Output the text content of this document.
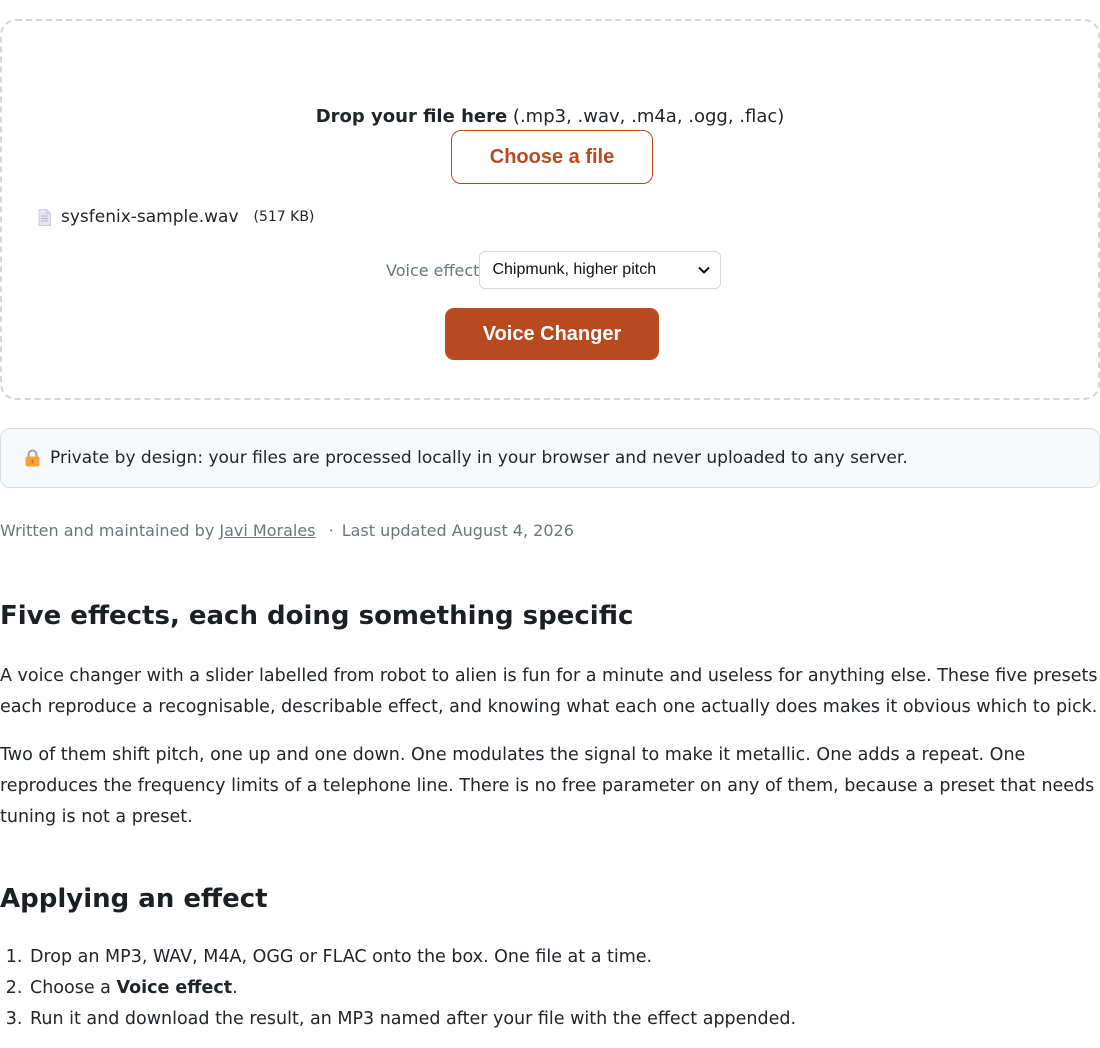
Drop your file here (.mp3, .wav, .m4a, .ogg, .flac)
Choose a file
sysfenix-sample.wav (517 KB)
Voice effect Chipmunk, higher pitch
Voice Changer
Private by design: your files are processed locally in your browser and never uploaded to any server.
Written and maintained by Javi Morales · Last updated August 4, 2026
Five effects, each doing something specific

A voice changer with a slider labelled from robot to alien is fun for a minute and useless for anything else. These five presets each reproduce a recognisable, describable effect, and knowing what each one actually does makes it obvious which to pick.

Two of them shift pitch, one up and one down. One modulates the signal to make it metallic. One adds a repeat. One reproduces the frequency limits of a telephone line. There is no free parameter on any of them, because a preset that needs tuning is not a preset.

Applying an effect
1. Drop an MP3, WAV, M4A, OGG or FLAC onto the box. One file at a time.
2. Choose a Voice effect.
3. Run it and download the result, an MP3 named after your file with the effect appended.
